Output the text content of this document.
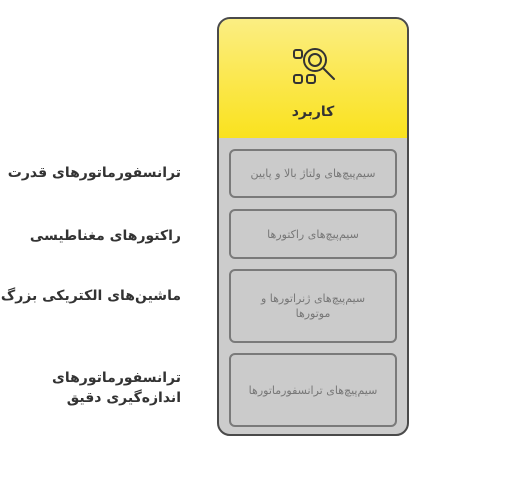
ترانسفورماتورهای قدرت
راکتورهای مغناطیسی
ماشین‌های الکتریکی بزرگ
ترانسفورماتورهای اندازه‌گیری دقیق
کاربرد
سیم‌پیچ‌های ولتاژ بالا و پایین
سیم‌پیچ‌های راکتورها
سیم‌پیچ‌های ژنراتورها و موتورها
سیم‌پیچ‌های ترانسفورماتورها
